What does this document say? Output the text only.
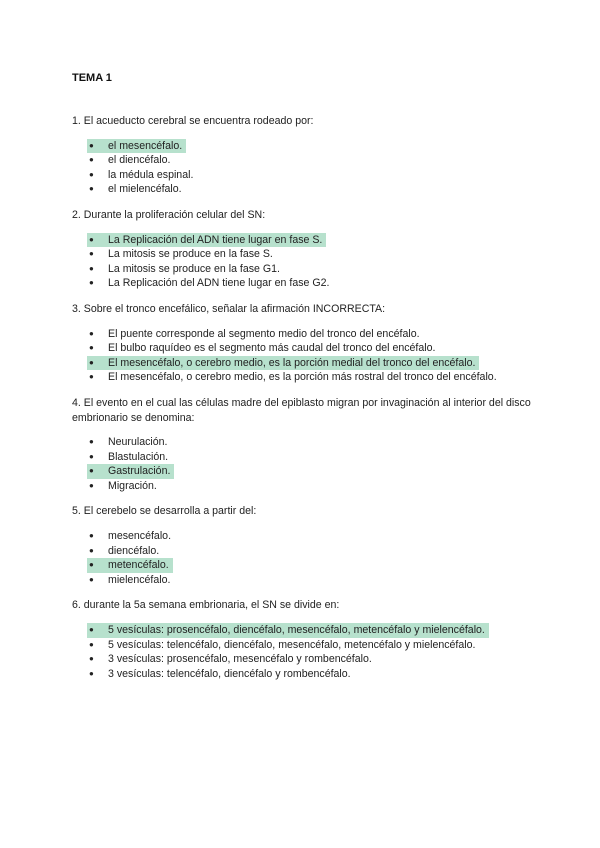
TEMA 1

1. El acueducto cerebral se encuentra rodeado por:

● el mesencéfalo.
● el diencéfalo.
● la médula espinal.
● el mielencéfalo.

2. Durante la proliferación celular del SN:

● La Replicación del ADN tiene lugar en fase S.
● La mitosis se produce en la fase S.
● La mitosis se produce en la fase G1.
● La Replicación del ADN tiene lugar en fase G2.

3. Sobre el tronco encefálico, señalar la afirmación INCORRECTA:

● El puente corresponde al segmento medio del tronco del encéfalo.
● El bulbo raquídeo es el segmento más caudal del tronco del encéfalo.
● El mesencéfalo, o cerebro medio, es la porción medial del tronco del encéfalo.
● El mesencéfalo, o cerebro medio, es la porción más rostral del tronco del encéfalo.

4. El evento en el cual las células madre del epiblasto migran por invaginación al interior del disco embrionario se denomina:

● Neurulación.
● Blastulación.
● Gastrulación.
● Migración.

5. El cerebelo se desarrolla a partir del:

● mesencéfalo.
● diencéfalo.
● metencéfalo.
● mielencéfalo.

6. durante la 5a semana embrionaria, el SN se divide en:

● 5 vesículas: prosencéfalo, diencéfalo, mesencéfalo, metencéfalo y mielencéfalo.
● 5 vesículas: telencéfalo, diencéfalo, mesencéfalo, metencéfalo y mielencéfalo.
● 3 vesículas: prosencéfalo, mesencéfalo y rombencéfalo.
● 3 vesículas: telencéfalo, diencéfalo y rombencéfalo.
